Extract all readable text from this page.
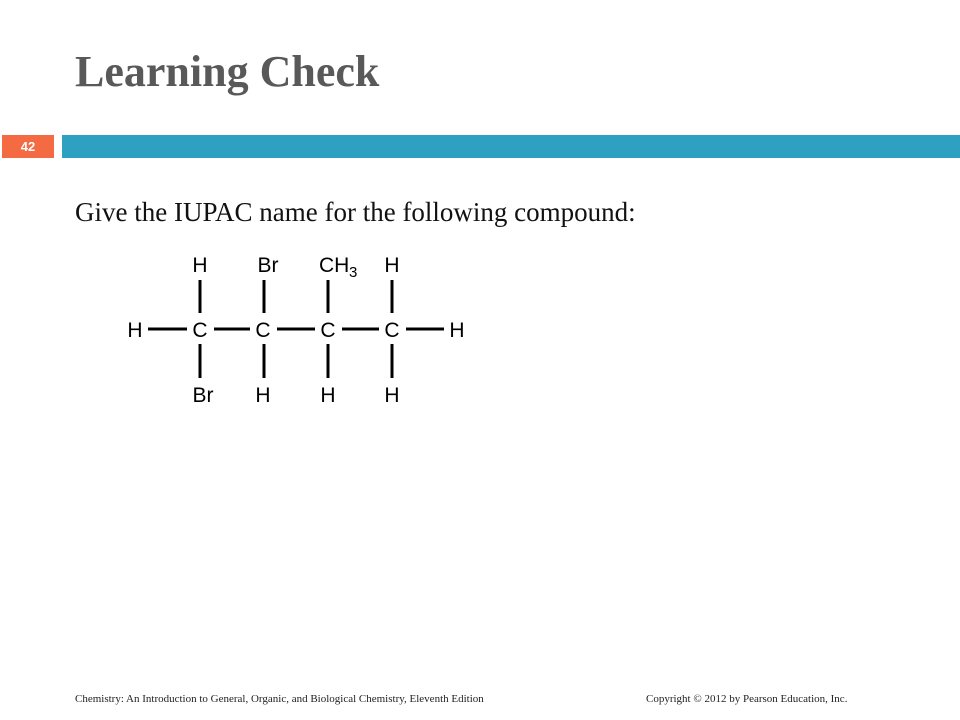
Learning Check
42
Give the IUPAC name for the following compound:
H Br CH 3 H
H C C C C H
Br H H H
Chemistry: An Introduction to General, Organic, and Biological Chemistry, Eleventh Edition	Copyright © 2012 by Pearson Education, Inc.
